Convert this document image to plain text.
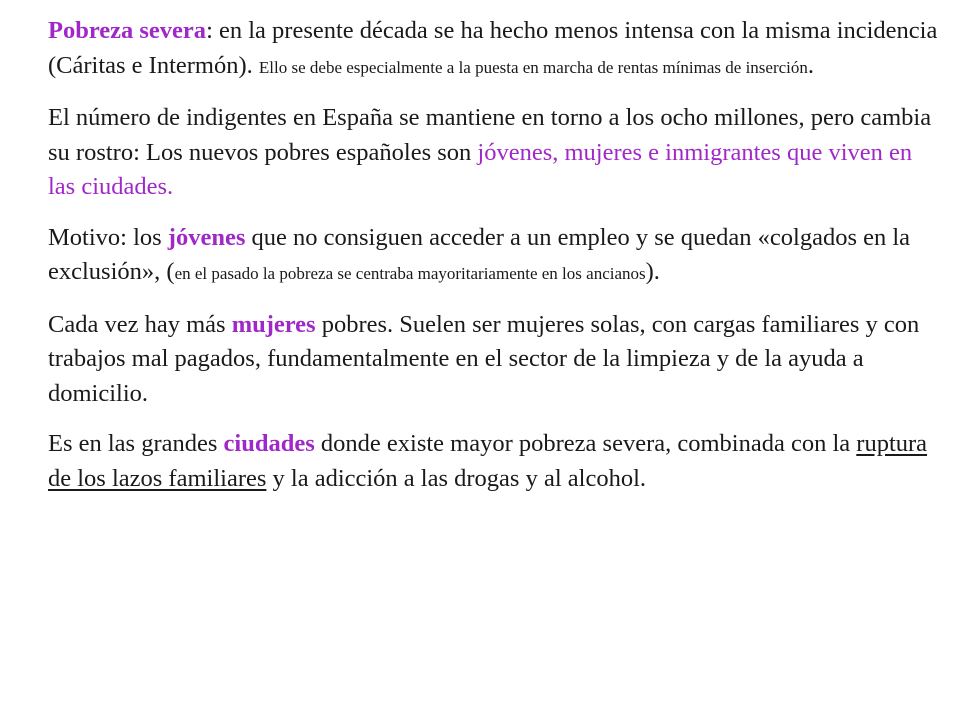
Pobreza severa: en la presente década se ha hecho menos intensa con la misma incidencia (Cáritas e Intermón). Ello se debe especialmente a la puesta en marcha de rentas mínimas de inserción.

El número de indigentes en España se mantiene en torno a los ocho millones, pero cambia su rostro: Los nuevos pobres españoles son jóvenes, mujeres e inmigrantes que viven en las ciudades.

Motivo: los jóvenes que no consiguen acceder a un empleo y se quedan «colgados en la exclusión», (en el pasado la pobreza se centraba mayoritariamente en los ancianos).

Cada vez hay más mujeres pobres. Suelen ser mujeres solas, con cargas familiares y con trabajos mal pagados, fundamentalmente en el sector de la limpieza y de la ayuda a domicilio.

Es en las grandes ciudades donde existe mayor pobreza severa, combinada con la ruptura de los lazos familiares y la adicción a las drogas y al alcohol.
